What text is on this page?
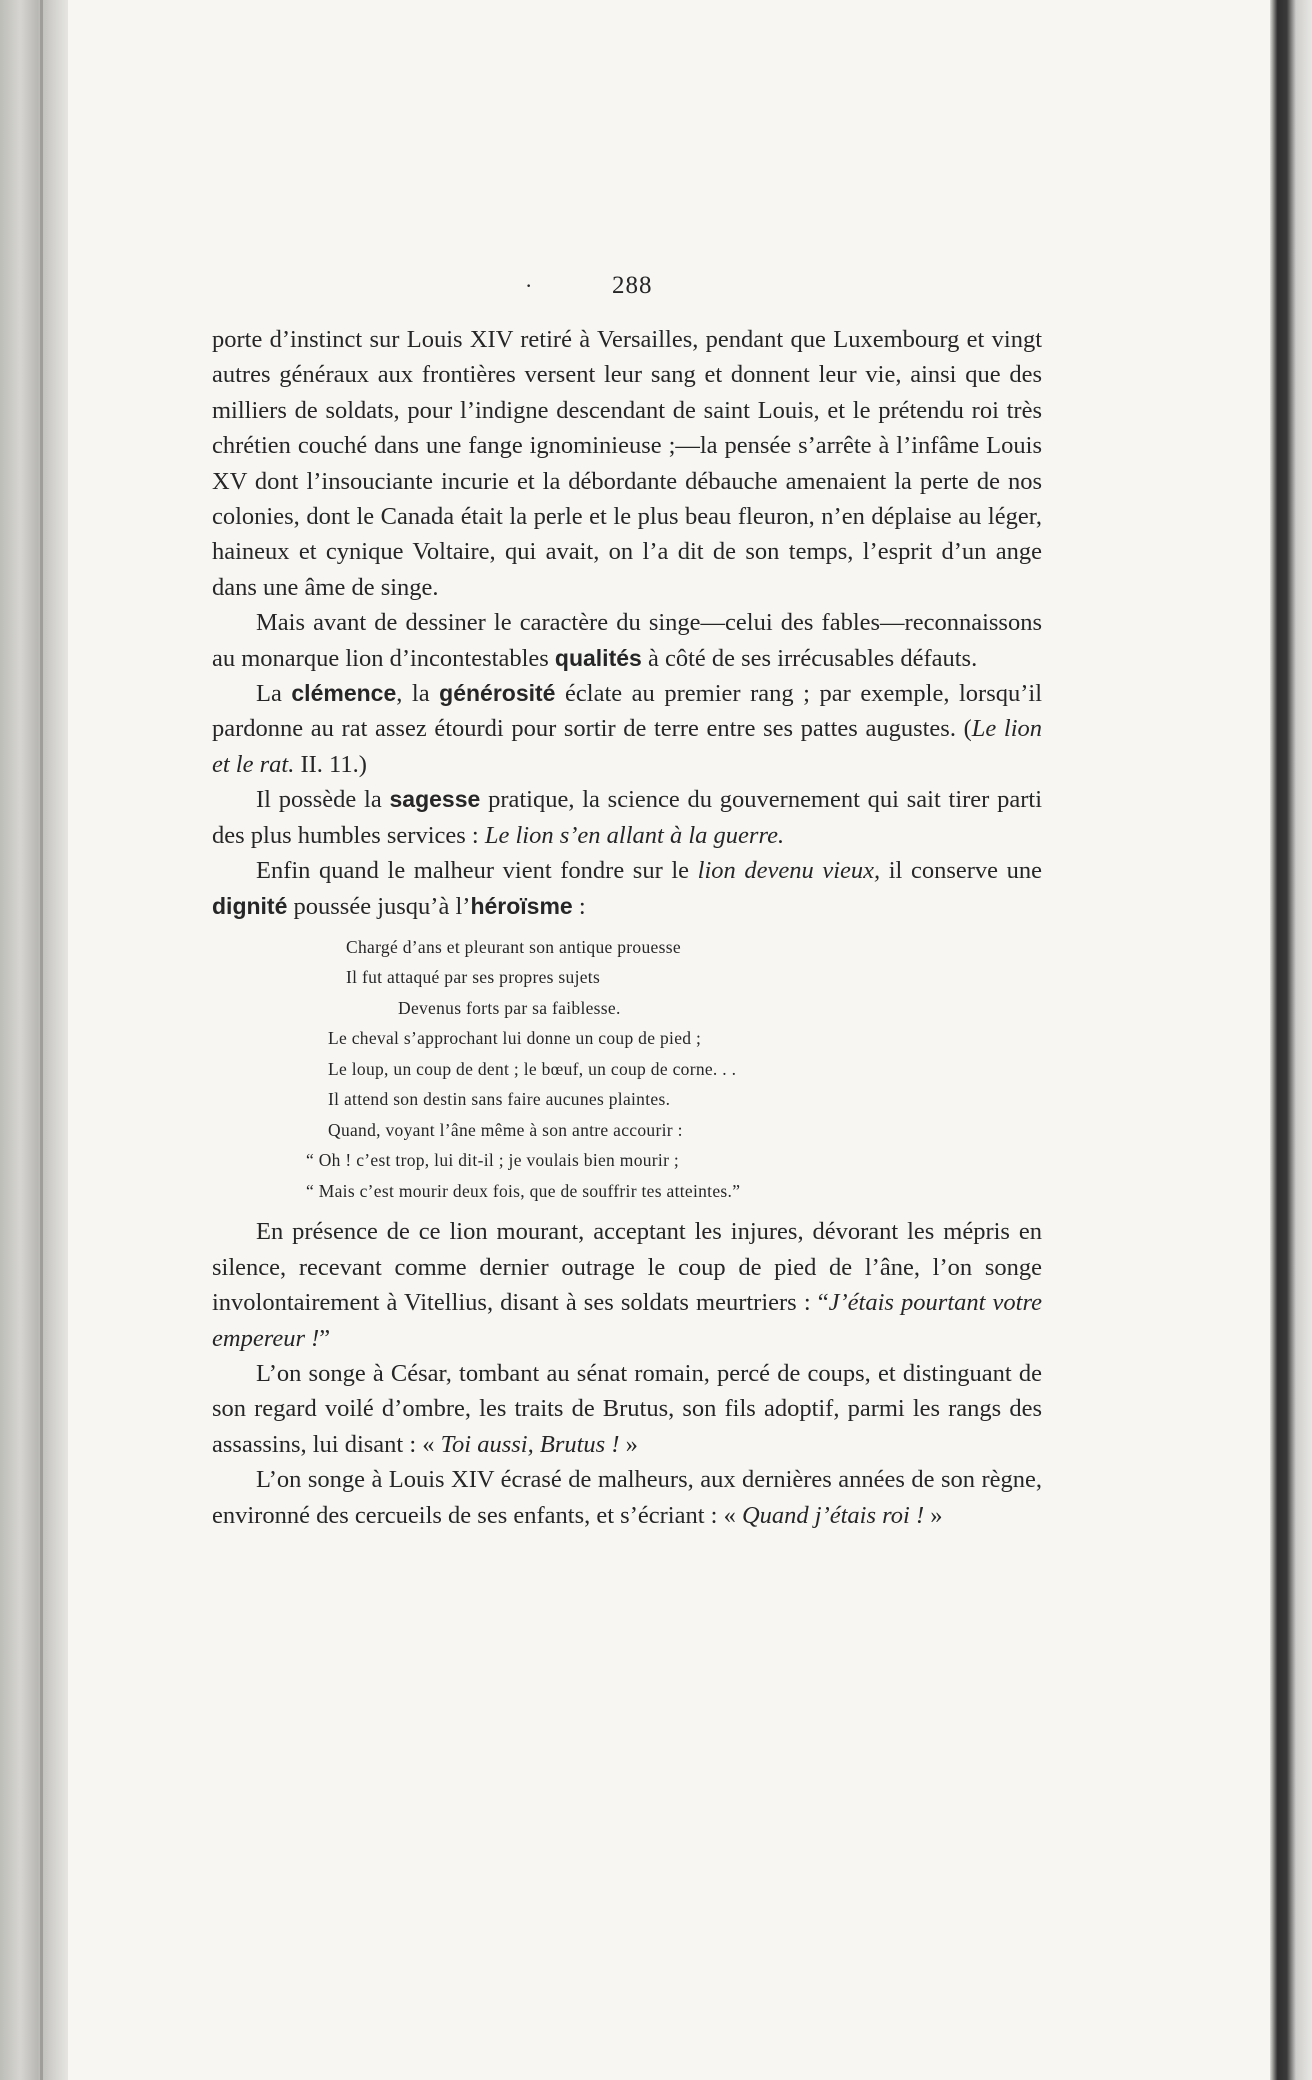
·	288

porte d’instinct sur Louis XIV retiré à Versailles, pendant que Luxembourg et vingt autres généraux aux frontières versent leur sang et donnent leur vie, ainsi que des milliers de soldats, pour l’indigne descendant de saint Louis, et le prétendu roi très chrétien couché dans une fange ignominieuse ;—la pensée s’arrête à l’infâme Louis XV dont l’insouciante incurie et la débordante débauche amenaient la perte de nos colonies, dont le Canada était la perle et le plus beau fleuron, n’en déplaise au léger, haineux et cynique Voltaire, qui avait, on l’a dit de son temps, l’esprit d’un ange dans une âme de singe.

Mais avant de dessiner le caractère du singe—celui des fables—reconnaissons au monarque lion d’incontestables qualités à côté de ses irrécusables défauts.

La clémence, la générosité éclate au premier rang ; par exemple, lorsqu’il pardonne au rat assez étourdi pour sortir de terre entre ses pattes augustes. (Le lion et le rat. II. 11.)

Il possède la sagesse pratique, la science du gouvernement qui sait tirer parti des plus humbles services : Le lion s’en allant à la guerre.

Enfin quand le malheur vient fondre sur le lion devenu vieux, il conserve une dignité poussée jusqu’à l’héroïsme :

Chargé d’ans et pleurant son antique prouesse
Il fut attaqué par ses propres sujets
Devenus forts par sa faiblesse.
Le cheval s’approchant lui donne un coup de pied ;
Le loup, un coup de dent ; le bœuf, un coup de corne. . .
Il attend son destin sans faire aucunes plaintes.
Quand, voyant l’âne même à son antre accourir :
“ Oh ! c’est trop, lui dit-il ; je voulais bien mourir ;
“ Mais c’est mourir deux fois, que de souffrir tes atteintes.”

En présence de ce lion mourant, acceptant les injures, dévorant les mépris en silence, recevant comme dernier outrage le coup de pied de l’âne, l’on songe involontairement à Vitellius, disant à ses soldats meurtriers : “J’étais pourtant votre empereur !”

L’on songe à César, tombant au sénat romain, percé de coups, et distinguant de son regard voilé d’ombre, les traits de Brutus, son fils adoptif, parmi les rangs des assassins, lui disant : « Toi aussi, Brutus ! »

L’on songe à Louis XIV écrasé de malheurs, aux dernières années de son règne, environné des cercueils de ses enfants, et s’écriant : « Quand j’étais roi ! »
